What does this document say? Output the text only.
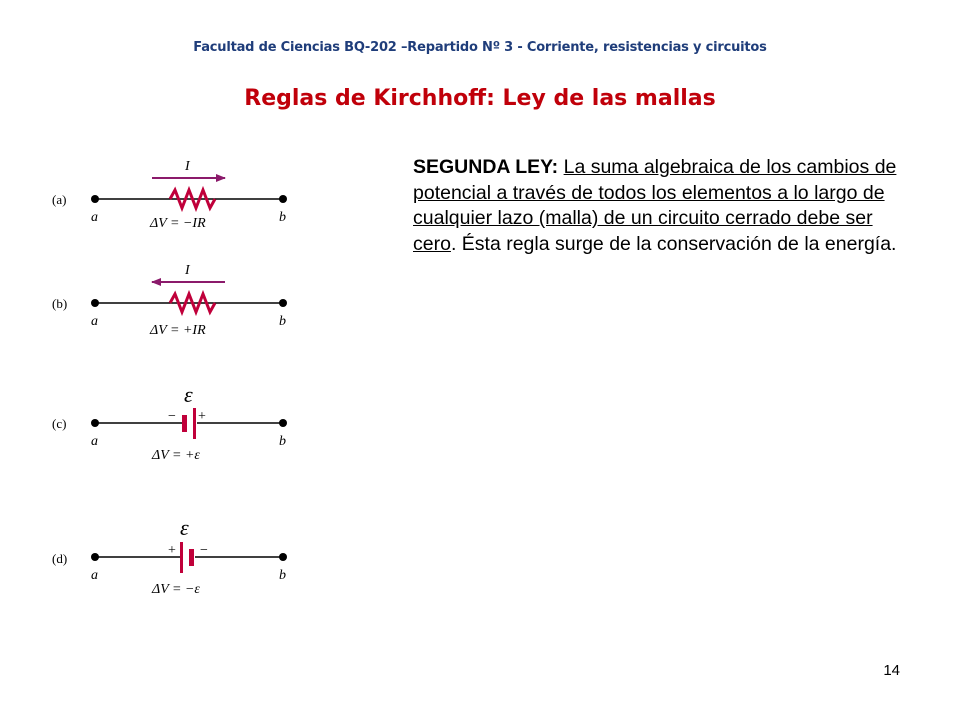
Facultad de Ciencias BQ-202 –Repartido Nº 3 - Corriente, resistencias y circuitos
Reglas de Kirchhoff: Ley de las mallas
(a)
I
a	b
ΔV = −IR
(b)
I
a	b
ΔV = +IR
(c)	− +
ε
a	b
ΔV = +ε
(d)
+ −
ε
a	b
ΔV = −ε
SEGUNDA LEY: La suma algebraica de los cambios de potencial a través de todos los elementos a lo largo de cualquier lazo (malla) de un circuito cerrado debe ser cero. Ésta regla surge de la conservación de la energía.
14
